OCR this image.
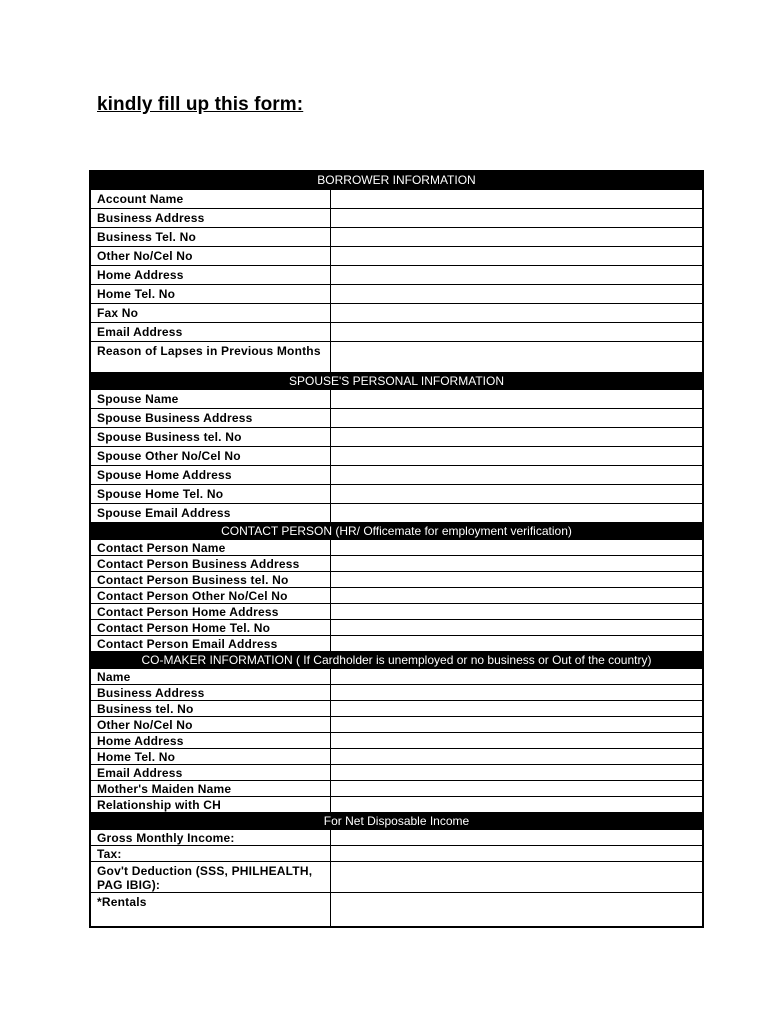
kindly fill up this form:
BORROWER INFORMATION
Account Name
Business Address
Business Tel. No
Other No/Cel No
Home Address
Home Tel. No
Fax No
Email Address
Reason of Lapses in Previous Months
SPOUSE'S PERSONAL INFORMATION
Spouse Name
Spouse Business Address
Spouse Business tel. No
Spouse Other No/Cel No
Spouse Home Address
Spouse Home Tel. No
Spouse Email Address
CONTACT PERSON (HR/ Officemate for employment verification)
Contact Person Name
Contact Person Business Address
Contact Person Business tel. No
Contact Person Other No/Cel No
Contact Person Home Address
Contact Person Home Tel. No
Contact Person Email Address
CO-MAKER INFORMATION ( If Cardholder is unemployed or no business or Out of the country)
Name
Business Address
Business tel. No
Other No/Cel No
Home Address
Home Tel. No
Email Address
Mother's Maiden Name
Relationship with CH
For Net Disposable Income
Gross Monthly Income:
Tax:
Gov't Deduction (SSS, PHILHEALTH, PAG IBIG):
*Rentals
